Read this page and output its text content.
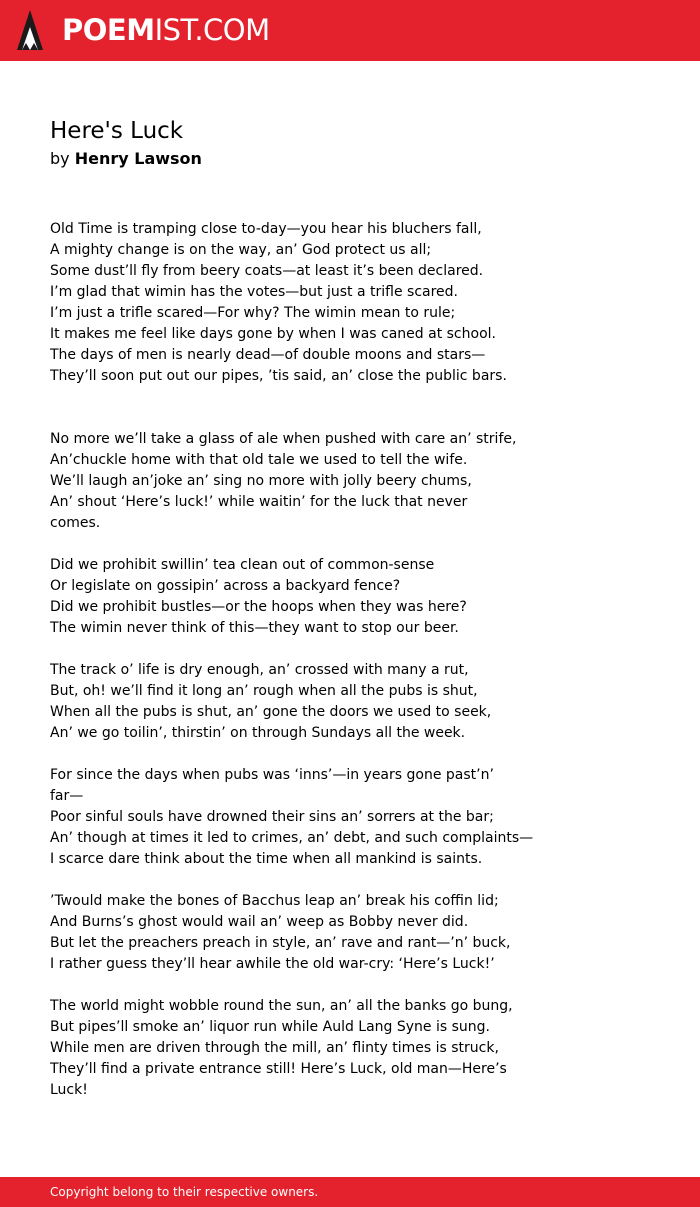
POEMIST.COM
Here's Luck
by Henry Lawson
Old Time is tramping close to-day—you hear his bluchers fall,
A mighty change is on the way, an’ God protect us all;
Some dust’ll fly from beery coats—at least it’s been declared.
I’m glad that wimin has the votes—but just a trifle scared.
I’m just a trifle scared—For why? The wimin mean to rule;
It makes me feel like days gone by when I was caned at school.
The days of men is nearly dead—of double moons and stars—
They’ll soon put out our pipes, ’tis said, an’ close the public bars.
No more we’ll take a glass of ale when pushed with care an’ strife,
An’chuckle home with that old tale we used to tell the wife.
We’ll laugh an’joke an’ sing no more with jolly beery chums,
An’ shout ‘Here’s luck!’ while waitin’ for the luck that never
comes.
Did we prohibit swillin’ tea clean out of common-sense
Or legislate on gossipin’ across a backyard fence?
Did we prohibit bustles—or the hoops when they was here?
The wimin never think of this—they want to stop our beer.
The track o’ life is dry enough, an’ crossed with many a rut,
But, oh! we’ll find it long an’ rough when all the pubs is shut,
When all the pubs is shut, an’ gone the doors we used to seek,
An’ we go toilin’, thirstin’ on through Sundays all the week.
For since the days when pubs was ‘inns’—in years gone past’n’
far—
Poor sinful souls have drowned their sins an’ sorrers at the bar;
An’ though at times it led to crimes, an’ debt, and such complaints—
I scarce dare think about the time when all mankind is saints.
’Twould make the bones of Bacchus leap an’ break his coffin lid;
And Burns’s ghost would wail an’ weep as Bobby never did.
But let the preachers preach in style, an’ rave and rant—’n’ buck,
I rather guess they’ll hear awhile the old war-cry: ‘Here’s Luck!’
The world might wobble round the sun, an’ all the banks go bung,
But pipes’ll smoke an’ liquor run while Auld Lang Syne is sung.
While men are driven through the mill, an’ flinty times is struck,
They’ll find a private entrance still! Here’s Luck, old man—Here’s
Luck!
Copyright belong to their respective owners.
